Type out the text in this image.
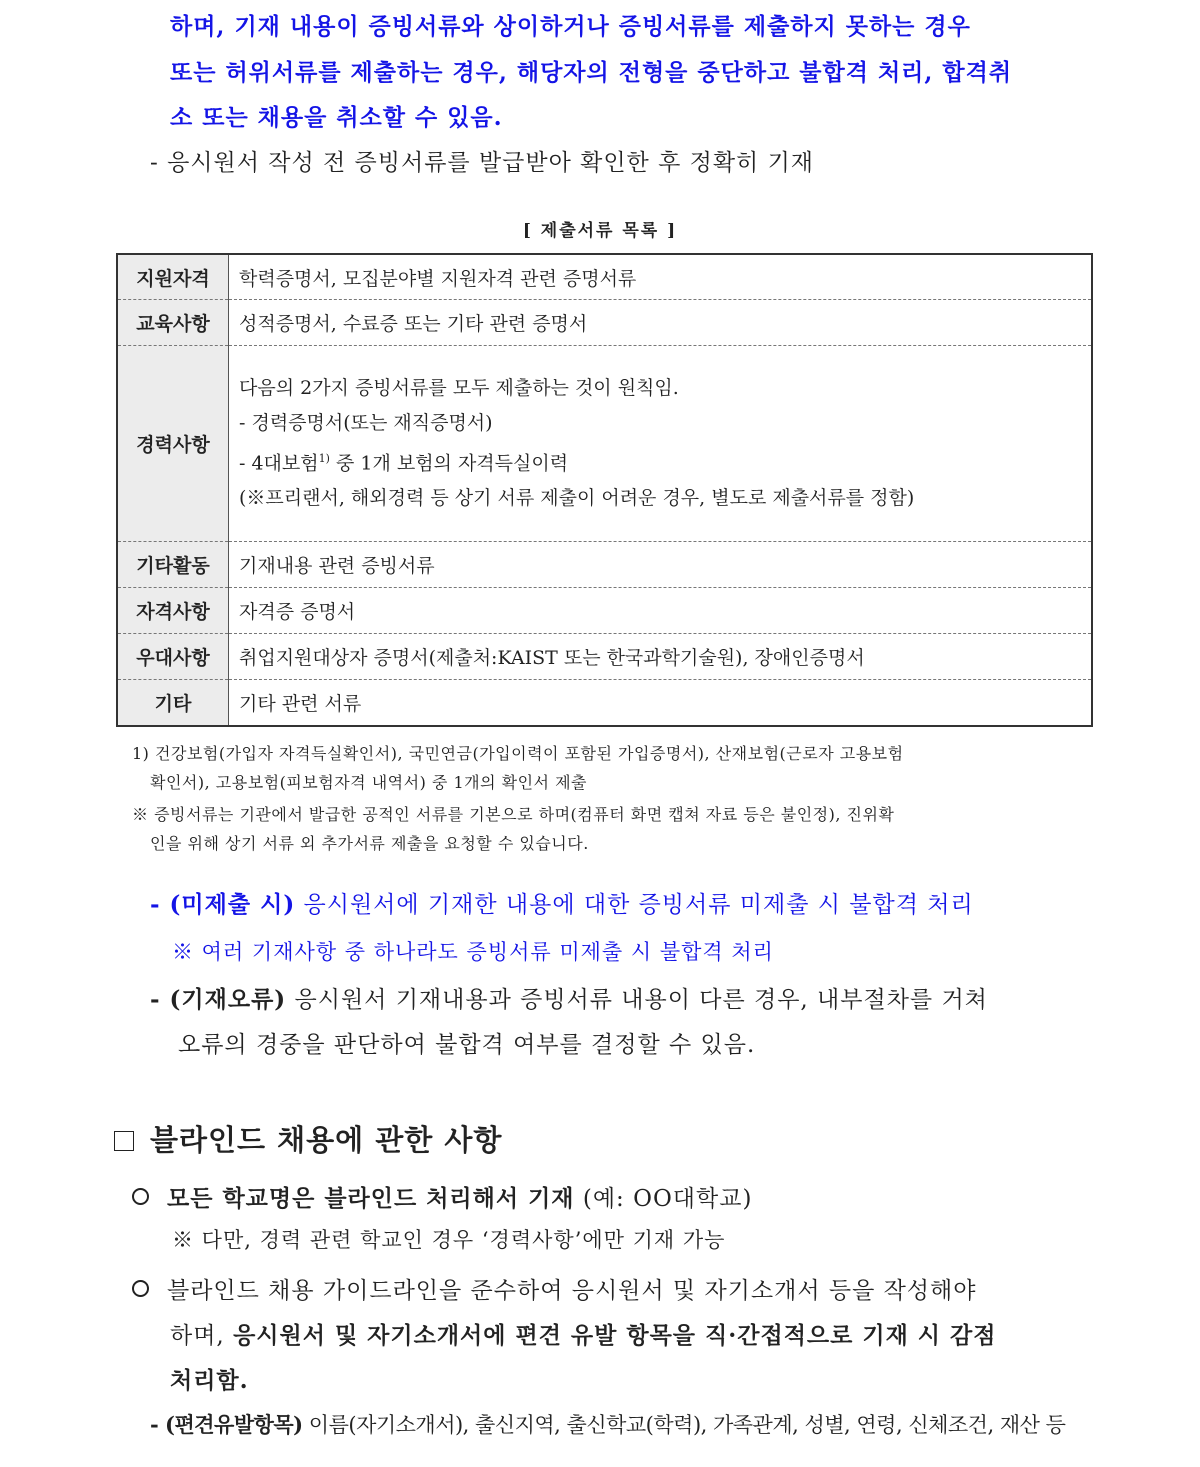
하며, 기재 내용이 증빙서류와 상이하거나 증빙서류를 제출하지 못하는 경우
또는 허위서류를 제출하는 경우, 해당자의 전형을 중단하고 불합격 처리, 합격취
소 또는 채용을 취소할 수 있음.
- 응시원서 작성 전 증빙서류를 발급받아 확인한 후 정확히 기재
[ 제출서류 목록 ]
지원자격	학력증명서, 모집분야별 지원자격 관련 증명서류
교육사항	성적증명서, 수료증 또는 기타 관련 증명서
경력사항	다음의 2가지 증빙서류를 모두 제출하는 것이 원칙임.
- 경력증명서(또는 재직증명서)
- 4대보험$^{1)}$ 중 1개 보험의 자격득실이력
(※프리랜서, 해외경력 등 상기 서류 제출이 어려운 경우, 별도로 제출서류를 정함)

기타활동	기재내용 관련 증빙서류
자격사항	자격증 증명서
우대사항	취업지원대상자 증명서(제출처:KAIST 또는 한국과학기술원), 장애인증명서
기타	기타 관련 서류
1) 건강보험(가입자 자격득실확인서), 국민연금(가입이력이 포함된 가입증명서), 산재보험(근로자 고용보험
확인서), 고용보험(피보험자격 내역서) 중 1개의 확인서 제출
※ 증빙서류는 기관에서 발급한 공적인 서류를 기본으로 하며(컴퓨터 화면 캡쳐 자료 등은 불인정), 진위확
인을 위해 상기 서류 외 추가서류 제출을 요청할 수 있습니다.
- (미제출 시) 응시원서에 기재한 내용에 대한 증빙서류 미제출 시 불합격 처리
※ 여러 기재사항 중 하나라도 증빙서류 미제출 시 불합격 처리
- (기재오류) 응시원서 기재내용과 증빙서류 내용이 다른 경우, 내부절차를 거쳐
오류의 경중을 판단하여 불합격 여부를 결정할 수 있음.
블라인드 채용에 관한 사항
모든 학교명은 블라인드 처리해서 기재 (예: OO대학교)
※ 다만, 경력 관련 학교인 경우 ‘경력사항’에만 기재 가능
블라인드 채용 가이드라인을 준수하여 응시원서 및 자기소개서 등을 작성해야
하며, 응시원서 및 자기소개서에 편견 유발 항목을 직·간접적으로 기재 시 감점
처리함.
- (편견유발항목) 이름(자기소개서), 출신지역, 출신학교(학력), 가족관계, 성별, 연령, 신체조건, 재산 등
